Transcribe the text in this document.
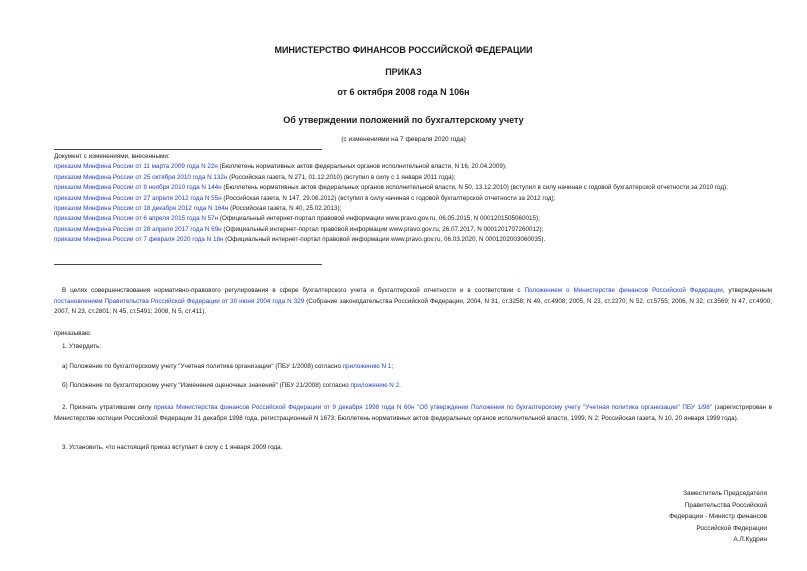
МИНИСТЕРСТВО ФИНАНСОВ РОССИЙСКОЙ ФЕДЕРАЦИИ
ПРИКАЗ
от 6 октября 2008 года N 106н
Об утверждении положений по бухгалтерскому учету
(с изменениями на 7 февраля 2020 года)
Документ с изменениями, внесенными:
приказом Минфина России от 11 марта 2009 года N 22н (Бюллетень нормативных актов федеральных органов исполнительной власти, N 16, 20.04.2009);
приказом Минфина России от 25 октября 2010 года N 132н (Российская газета, N 271, 01.12.2010) (вступил в силу с 1 января 2011 года);
приказом Минфина России от 8 ноября 2010 года N 144н (Бюллетень нормативных актов федеральных органов исполнительной власти, N 50, 13.12.2010) (вступил в силу начиная с годовой бухгалтерской отчетности за 2010 год);
приказом Минфина России от 27 апреля 2012 года N 55н (Российская газета, N 147, 29.06.2012) (вступил в силу начиная с годовой бухгалтерской отчетности за 2012 год);
приказом Минфина России от 18 декабря 2012 года N 164н (Российская газета, N 40, 25.02.2013);
приказом Минфина России от 6 апреля 2015 года N 57н (Официальный интернет-портал правовой информации www.pravo.gov.ru, 06.05.2015, N 0001201505060015);
приказом Минфина России от 28 апреля 2017 года N 69н (Официальный интернет-портал правовой информации www.pravo.gov.ru, 26.07.2017, N 0001201707260012);
приказом Минфина России от 7 февраля 2020 года N 18н (Официальный интернет-портал правовой информации www.pravo.gov.ru, 06.03.2020, N 0001202003060035).
В целях совершенствования нормативно-правового регулирования в сфере бухгалтерского учета и бухгалтерской отчетности и в соответствии с Положением о Министерстве финансов Российской Федерации, утвержденным постановлением Правительства Российской Федерации от 30 июня 2004 года N 329 (Собрание законодательства Российской Федерации, 2004, N 31, ст.3258; N 49, ст.4908; 2005, N 23, ст.2270; N 52, ст.5755; 2006, N 32, ст.3569; N 47, ст.4900; 2007, N 23, ст.2801; N 45, ст.5491; 2008, N 5, ст.411),
приказываю:
1. Утвердить:
а) Положение по бухгалтерскому учету "Учетная политика организации" (ПБУ 1/2008) согласно приложению N 1;
б) Положение по бухгалтерскому учету "Изменения оценочных значений" (ПБУ 21/2008) согласно приложению N 2.
2. Признать утратившим силу приказ Министерства финансов Российской Федерации от 9 декабря 1998 года N 60н "Об утверждении Положения по бухгалтерскому учету "Учетная политика организации" ПБУ 1/98" (зарегистрирован в Министерстве юстиции Российской Федерации 31 декабря 1998 года, регистрационный N 1673; Бюллетень нормативных актов федеральных органов исполнительной власти, 1999, N 2; Российская газета, N 10, 20 января 1999 года).
3. Установить, что настоящий приказ вступает в силу с 1 января 2009 года.
Заместитель Председателя
Правительства Российской
Федерации - Министр финансов
Российской Федерации
А.Л.Кудрин
